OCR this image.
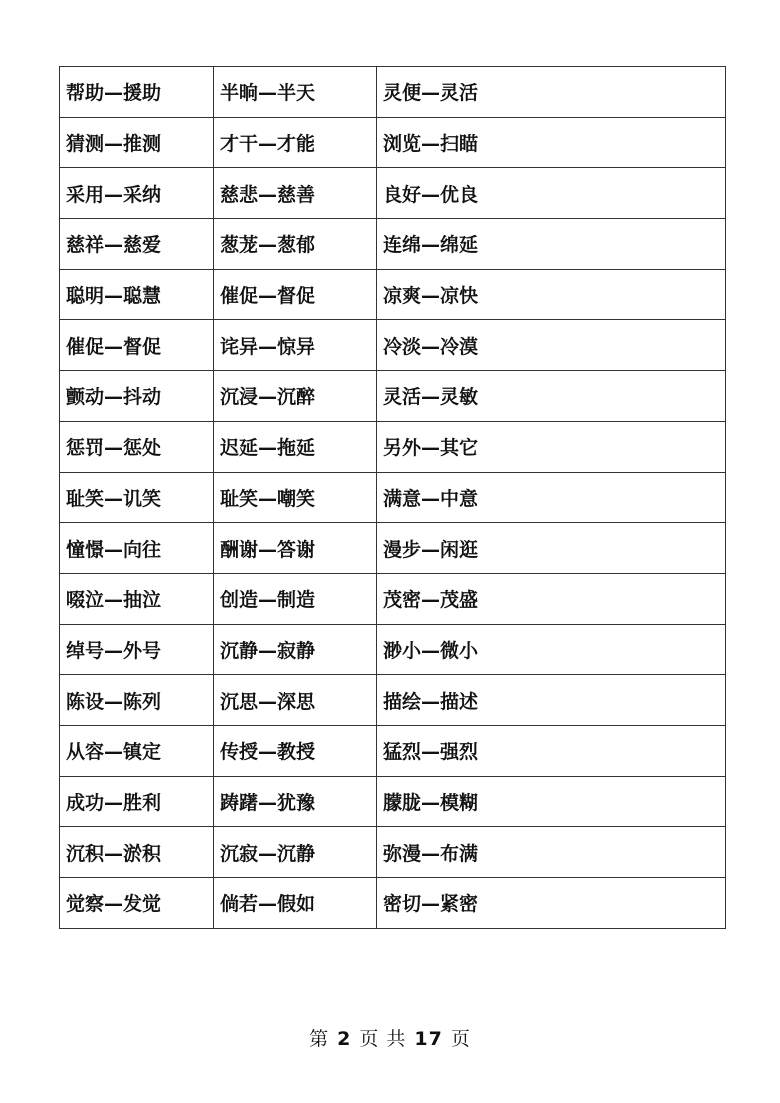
帮助—援助	半晌—半天	灵便—灵活
猜测—推测	才干—才能	浏览—扫瞄
采用—采纳	慈悲—慈善	良好—优良
慈祥—慈爱	葱茏—葱郁	连绵—绵延
聪明—聪慧	催促—督促	凉爽—凉快
催促—督促	诧异—惊异	冷淡—冷漠
颤动—抖动	沉浸—沉醉	灵活—灵敏
惩罚—惩处	迟延—拖延	另外—其它
耻笑—讥笑	耻笑—嘲笑	满意—中意
憧憬—向往	酬谢—答谢	漫步—闲逛
啜泣—抽泣	创造—制造	茂密—茂盛
绰号—外号	沉静—寂静	渺小—微小
陈设—陈列	沉思—深思	描绘—描述
从容—镇定	传授—教授	猛烈—强烈
成功—胜利	踌躇—犹豫	朦胧—模糊
沉积—淤积	沉寂—沉静	弥漫—布满
觉察—发觉	倘若—假如	密切—紧密
第 2 页 共 17 页
